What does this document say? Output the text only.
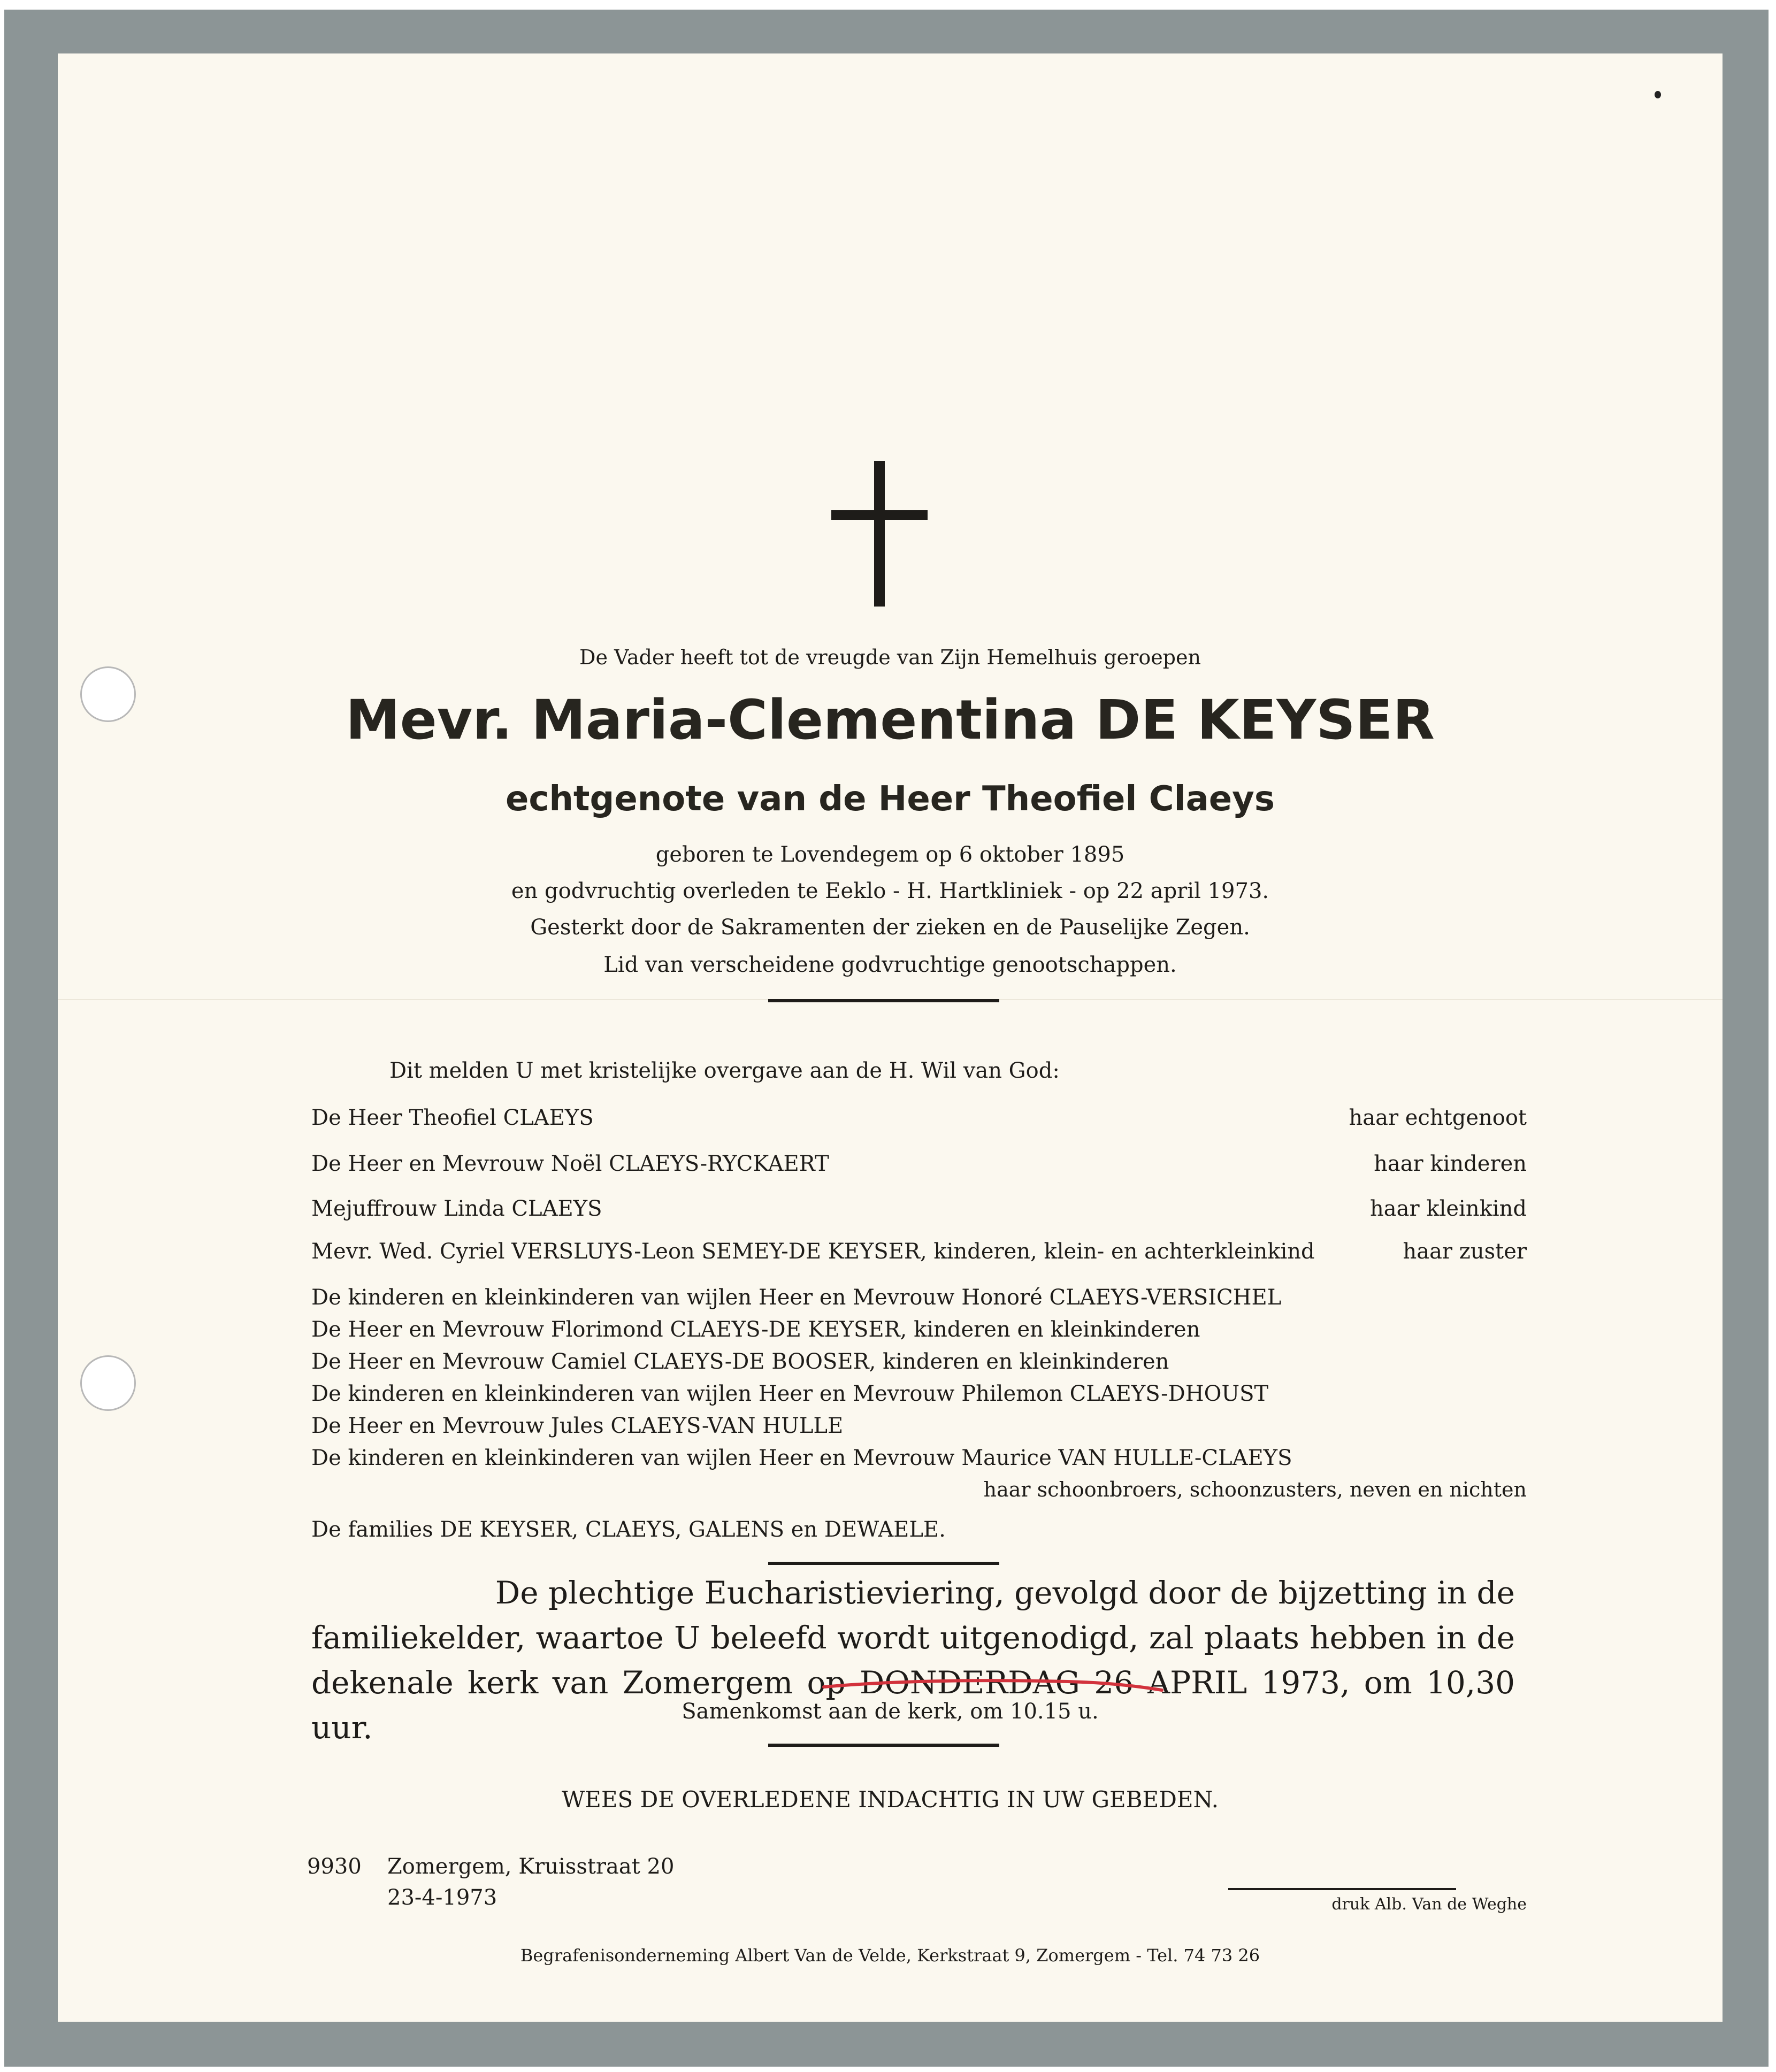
De Vader heeft tot de vreugde van Zijn Hemelhuis geroepen
Mevr. Maria-Clementina DE KEYSER
echtgenote van de Heer Theofiel Claeys
geboren te Lovendegem op 6 oktober 1895
en godvruchtig overleden te Eeklo - H. Hartkliniek - op 22 april 1973.
Gesterkt door de Sakramenten der zieken en de Pauselijke Zegen.
Lid van verscheidene godvruchtige genootschappen.
Dit melden U met kristelijke overgave aan de H. Wil van God:
De Heer Theofiel CLAEYS	haar echtgenoot
De Heer en Mevrouw Noël CLAEYS-RYCKAERT	haar kinderen
Mejuffrouw Linda CLAEYS	haar kleinkind
Mevr. Wed. Cyriel VERSLUYS-Leon SEMEY-DE KEYSER, kinderen, klein- en achterkleinkind	haar zuster
De kinderen en kleinkinderen van wijlen Heer en Mevrouw Honoré CLAEYS-VERSICHEL
De Heer en Mevrouw Florimond CLAEYS-DE KEYSER, kinderen en kleinkinderen
De Heer en Mevrouw Camiel CLAEYS-DE BOOSER, kinderen en kleinkinderen
De kinderen en kleinkinderen van wijlen Heer en Mevrouw Philemon CLAEYS-DHOUST
De Heer en Mevrouw Jules CLAEYS-VAN HULLE
De kinderen en kleinkinderen van wijlen Heer en Mevrouw Maurice VAN HULLE-CLAEYS
haar schoonbroers, schoonzusters, neven en nichten
De families DE KEYSER, CLAEYS, GALENS en DEWAELE.
De plechtige Eucharistieviering, gevolgd door de bijzetting in de
familiekelder, waartoe U beleefd wordt uitgenodigd, zal plaats hebben in de
dekenale kerk van Zomergem op DONDERDAG 26 APRIL 1973, om 10,30 uur.	Samenkomst aan de kerk, om 10.15 u.
WEES DE OVERLEDENE INDACHTIG IN UW GEBEDEN.
9930 Zomergem, Kruisstraat 20
23-4-1973	druk Alb. Van de Weghe
Begrafenisonderneming Albert Van de Velde, Kerkstraat 9, Zomergem - Tel. 74 73 26
